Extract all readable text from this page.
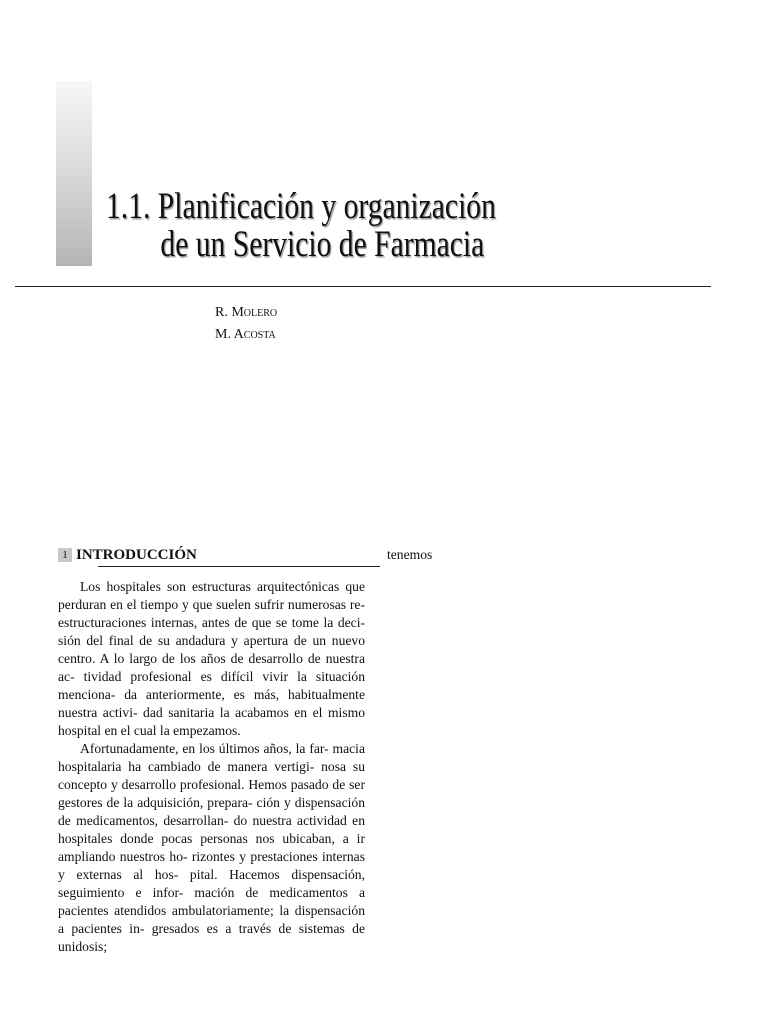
1.1. Planificación y organización
de un Servicio de Farmacia
R. Molero
M. Acosta
1 INTRODUCCIÓN

Los hospitales son estructuras arquitectónicas que perduran en el tiempo y que suelen sufrir numerosas re- estructuraciones internas, antes de que se tome la deci- sión del final de su andadura y apertura de un nuevo centro. A lo largo de los años de desarrollo de nuestra ac- tividad profesional es difícil vivir la situación menciona- da anteriormente, es más, habitualmente nuestra activi- dad sanitaria la acabamos en el mismo hospital en el cual la empezamos.

Afortunadamente, en los últimos años, la far- macia hospitalaria ha cambiado de manera vertigi- nosa su concepto y desarrollo profesional. Hemos pasado de ser gestores de la adquisición, prepara- ción y dispensación de medicamentos, desarrollan- do nuestra actividad en hospitales donde pocas personas nos ubicaban, a ir ampliando nuestros ho- rizontes y prestaciones internas y externas al hos- pital. Hacemos dispensación, seguimiento e infor- mación de medicamentos a pacientes atendidos ambulatoriamente; la dispensación a pacientes in- gresados es a través de sistemas de unidosis;

tenemos
